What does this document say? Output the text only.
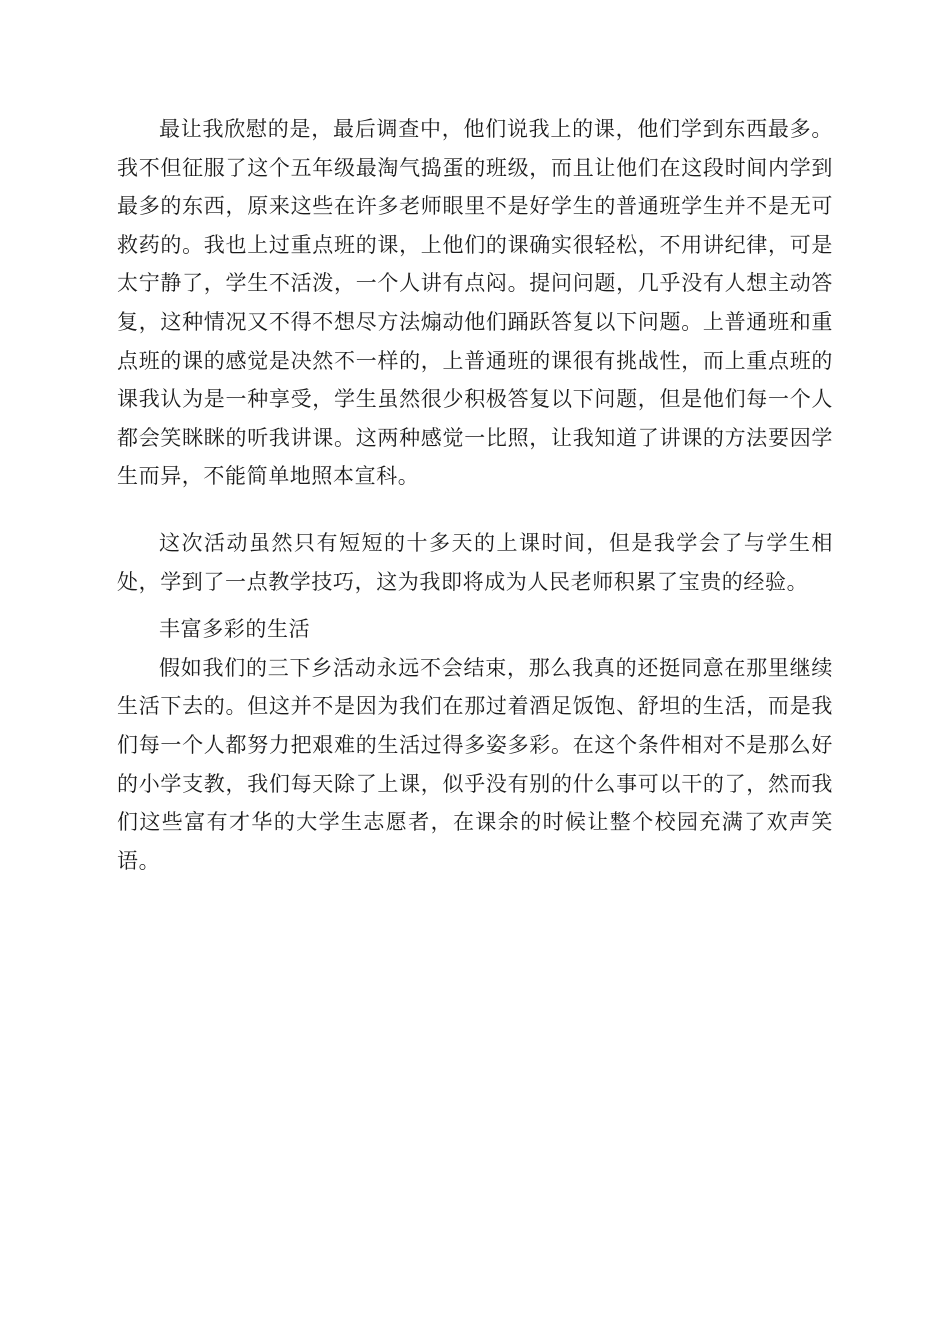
最让我欣慰的是，最后调查中，他们说我上的课，他们学到东西最多。我不但征服了这个五年级最淘气捣蛋的班级，而且让他们在这段时间内学到最多的东西，原来这些在许多老师眼里不是好学生的普通班学生并不是无可救药的。我也上过重点班的课，上他们的课确实很轻松，不用讲纪律，可是太宁静了，学生不活泼，一个人讲有点闷。提问问题，几乎没有人想主动答复，这种情况又不得不想尽方法煽动他们踊跃答复以下问题。上普通班和重点班的课的感觉是决然不一样的，上普通班的课很有挑战性，而上重点班的课我认为是一种享受，学生虽然很少积极答复以下问题，但是他们每一个人都会笑眯眯的听我讲课。这两种感觉一比照，让我知道了讲课的方法要因学生而异，不能简单地照本宣科。

这次活动虽然只有短短的十多天的上课时间，但是我学会了与学生相处，学到了一点教学技巧，这为我即将成为人民老师积累了宝贵的经验。

丰富多彩的生活

假如我们的三下乡活动永远不会结束，那么我真的还挺同意在那里继续生活下去的。但这并不是因为我们在那过着酒足饭饱、舒坦的生活，而是我们每一个人都努力把艰难的生活过得多姿多彩。在这个条件相对不是那么好的小学支教，我们每天除了上课，似乎没有别的什么事可以干的了，然而我们这些富有才华的大学生志愿者，在课余的时候让整个校园充满了欢声笑语。
